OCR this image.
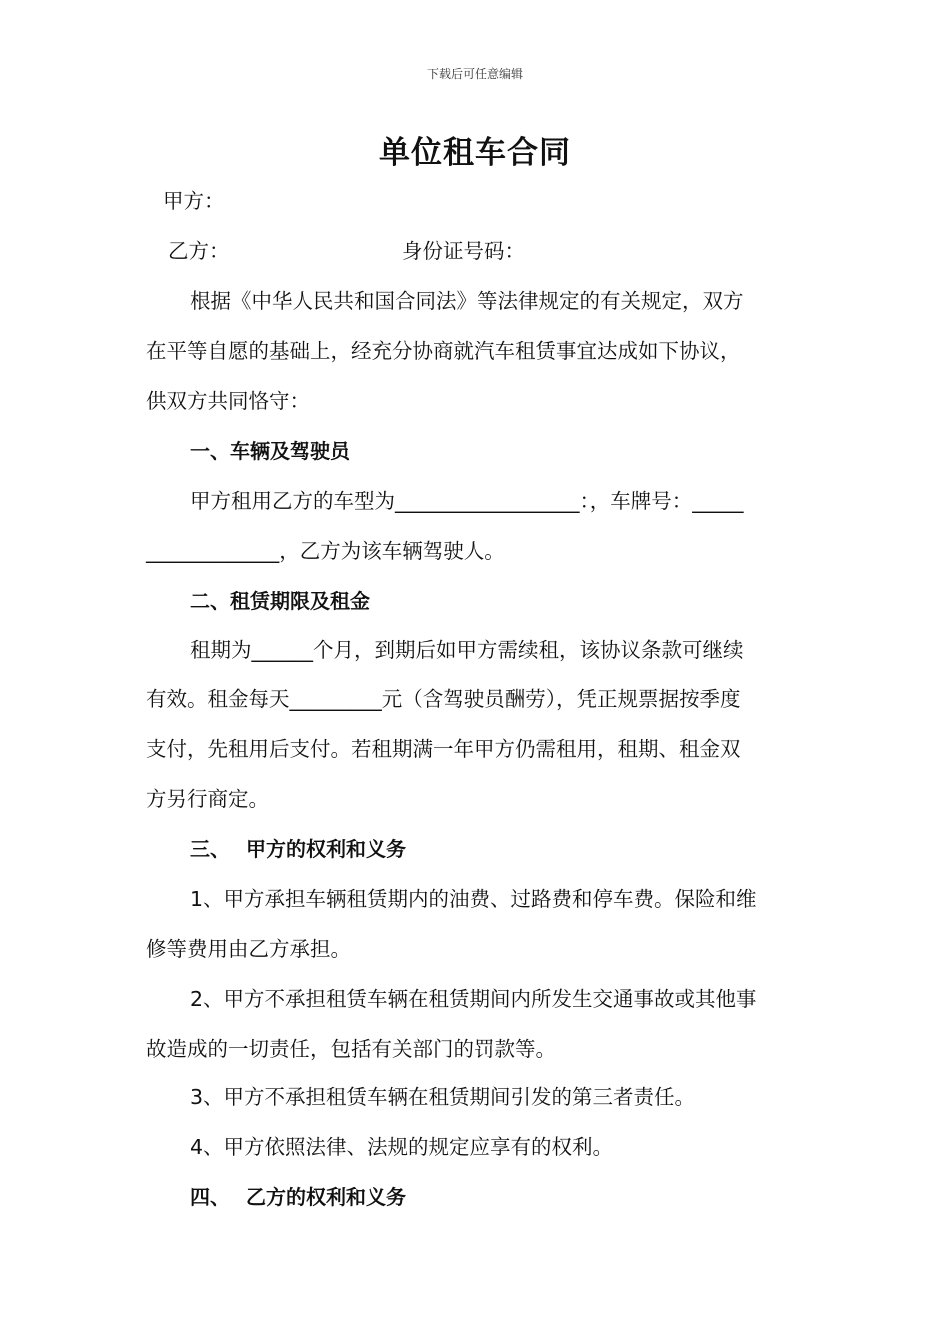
下载后可任意编辑
单位租车合同
甲方：
乙方：	身份证号码：
根据《中华人民共和国合同法》等法律规定的有关规定，双方
在平等自愿的基础上，经充分协商就汽车租赁事宜达成如下协议，
供双方共同恪守：
一、车辆及驾驶员
甲方租用乙方的车型为__________________：，车牌号：_____
_____________，乙方为该车辆驾驶人。
二、租赁期限及租金
租期为______个月，到期后如甲方需续租，该协议条款可继续
有效。租金每天_________元（含驾驶员酬劳），凭正规票据按季度
支付，先租用后支付。若租期满一年甲方仍需租用，租期、租金双
方另行商定。
三、 甲方的权利和义务
1、甲方承担车辆租赁期内的油费、过路费和停车费。保险和维
修等费用由乙方承担。
2、甲方不承担租赁车辆在租赁期间内所发生交通事故或其他事
故造成的一切责任，包括有关部门的罚款等。
3、甲方不承担租赁车辆在租赁期间引发的第三者责任。
4、甲方依照法律、法规的规定应享有的权利。
四、 乙方的权利和义务
